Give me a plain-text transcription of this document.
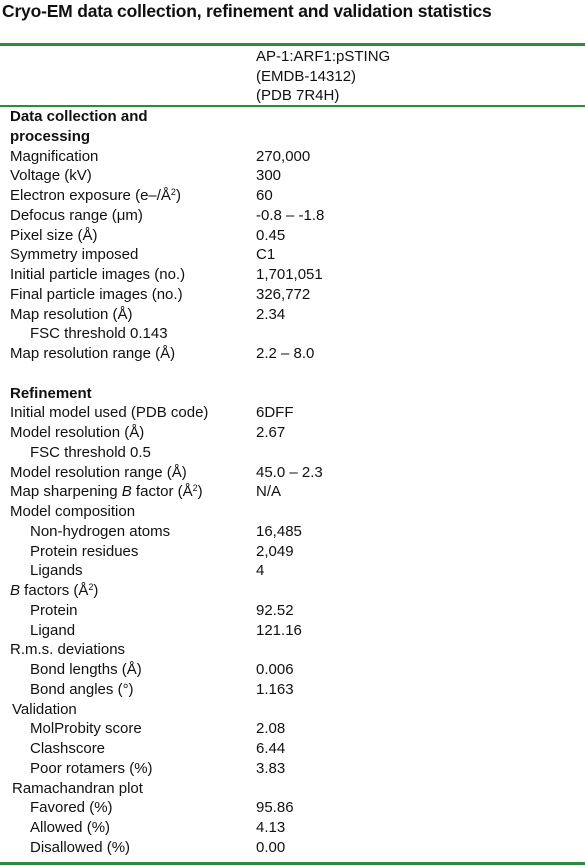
Cryo-EM data collection, refinement and validation statistics
AP-1:ARF1:pSTING
(EMDB-14312)
(PDB 7R4H)
Data collection and
processing
Magnification	270,000
Voltage (kV)	300
Electron exposure $(e-/Å^2)$	60
Defocus range (μm)	-0.8 – -1.8
Pixel size (Å)	0.45
Symmetry imposed	C1
Initial particle images (no.)	1,701,051
Final particle images (no.)	326,772
Map resolution (Å)	2.34
FSC threshold 0.143
Map resolution range (Å)	2.2 – 8.0
Refinement
Initial model used (PDB code)	6DFF
Model resolution (Å)	2.67
FSC threshold 0.5
Model resolution range (Å)	45.0 – 2.3
Map sharpening B factor $(Å^2)$	N/A
Model composition
Non-hydrogen atoms	16,485
Protein residues	2,049
Ligands	4
B factors $(Å^2)$
Protein	92.52
Ligand	121.16
R.m.s. deviations
Bond lengths (Å)	0.006
Bond angles (°)	1.163
Validation
MolProbity score	2.08
Clashscore	6.44
Poor rotamers (%)	3.83
Ramachandran plot
Favored (%)	95.86
Allowed (%)	4.13
Disallowed (%)	0.00
